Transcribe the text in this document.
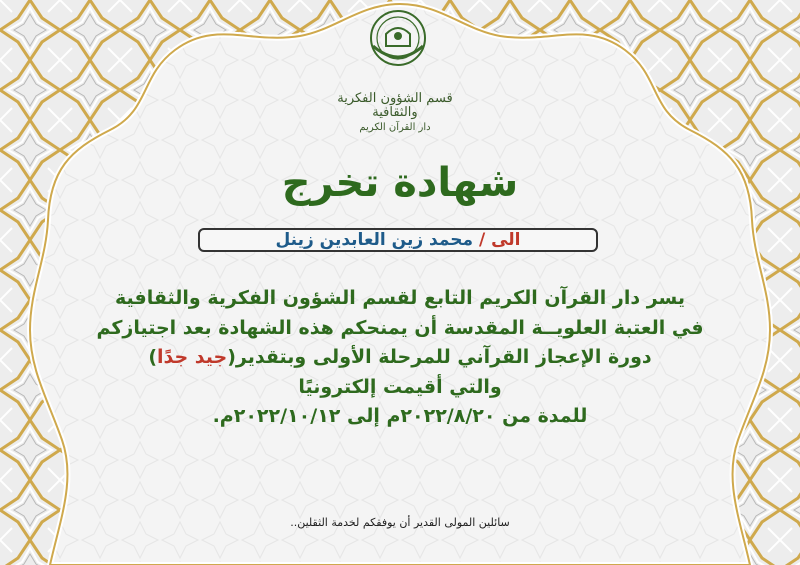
قسم الشؤون الفكرية والثقافية
دار القرآن الكريم
شهادة تخرج
الى / محمد زين العابدين زينل
يسر دار القرآن الكريم التابع لقسم الشؤون الفكرية والثقافية
في العتبة العلويــة المقدسة أن يمنحكم هذه الشهادة بعد اجتيازكم
دورة الإعجاز القرآني للمرحلة الأولى وبتقدير(جيد جدًا)
والتي أقيمت إلكترونيًا
للمدة من ٢٠٢٢/٨/٢٠م إلى ٢٠٢٢/١٠/١٢م.
سائلين المولى القدير أن يوفقكم لخدمة الثقلين..
